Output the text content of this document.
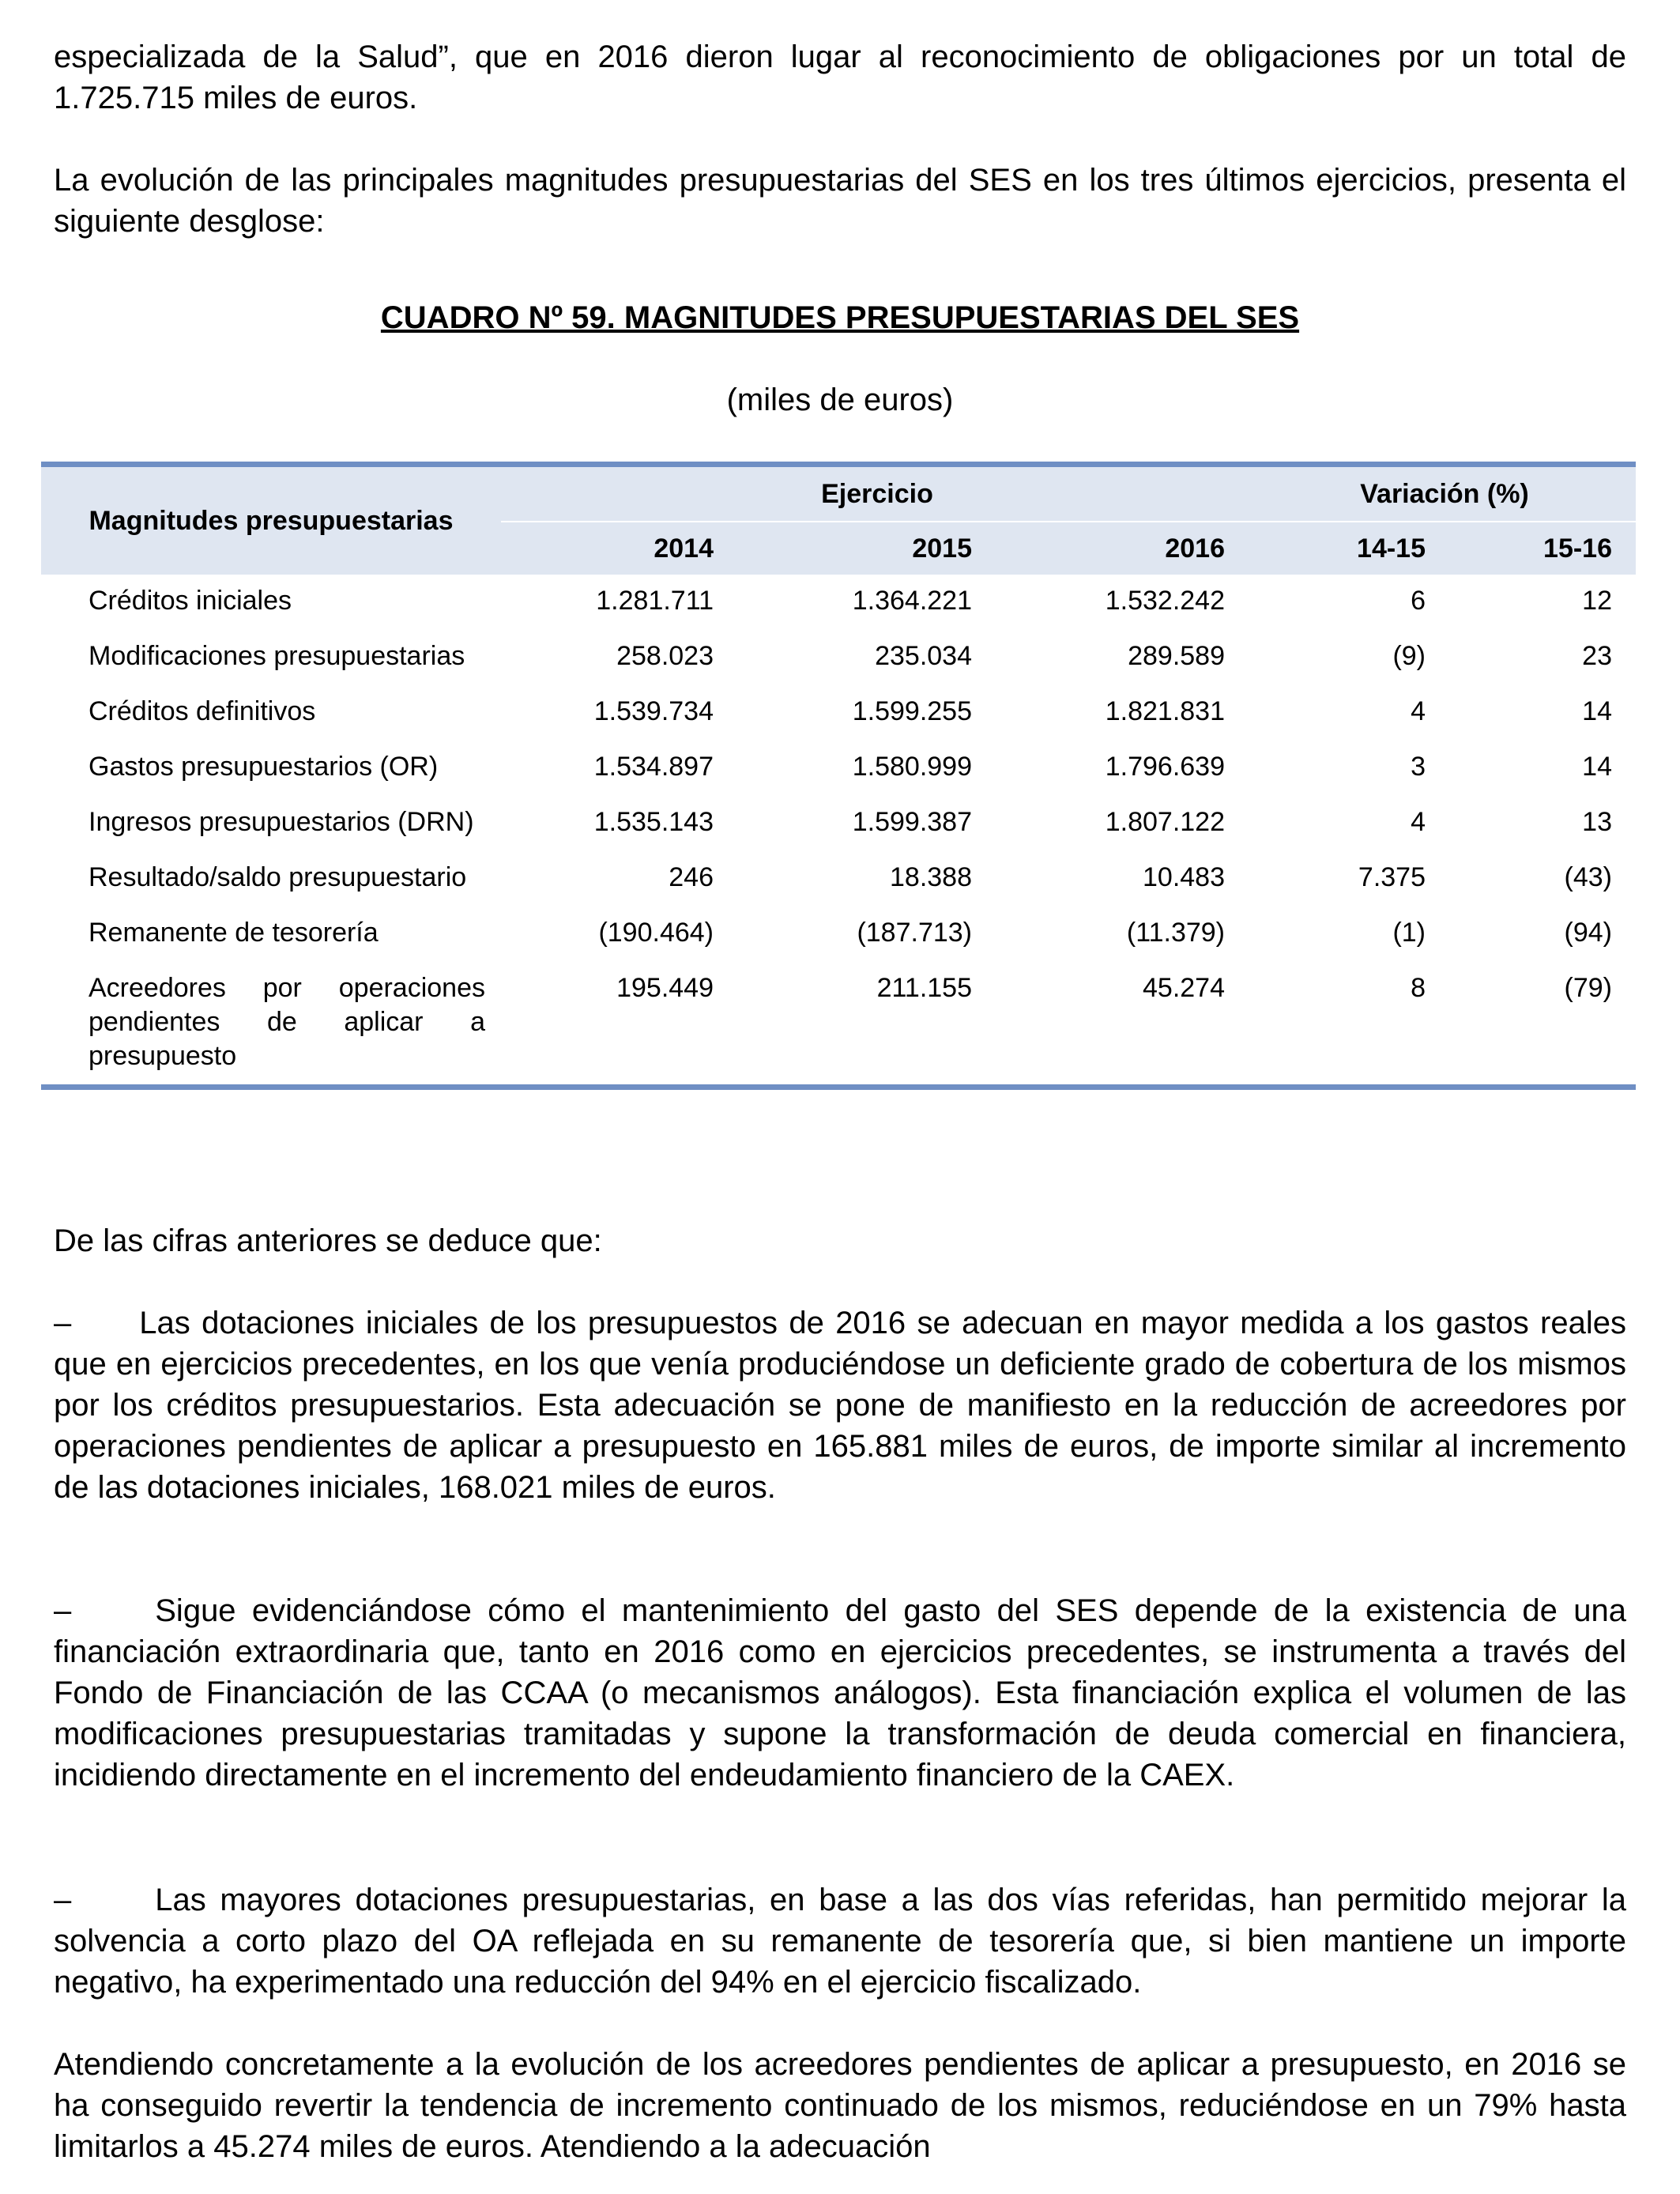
especializada de la Salud”, que en 2016 dieron lugar al reconocimiento de obligaciones por un total de 1.725.715 miles de euros.

La evolución de las principales magnitudes presupuestarias del SES en los tres últimos ejercicios, presenta el siguiente desglose:

CUADRO Nº 59. MAGNITUDES PRESUPUESTARIAS DEL SES

(miles de euros)

Magnitudes presupuestarias	Ejercicio			Variación (%)	
	2014	2015	2016	14-15	15-16
Créditos iniciales	1.281.711	1.364.221	1.532.242	6	12
Modificaciones presupuestarias	258.023	235.034	289.589	(9)	23
Créditos definitivos	1.539.734	1.599.255	1.821.831	4	14
Gastos presupuestarios (OR)	1.534.897	1.580.999	1.796.639	3	14
Ingresos presupuestarios (DRN)	1.535.143	1.599.387	1.807.122	4	13
Resultado/saldo presupuestario	246	18.388	10.483	7.375	(43)
Remanente de tesorería	(190.464)	(187.713)	(11.379)	(1)	(94)
Acreedores por operaciones pendientes de aplicar a presupuesto	195.449	211.155	45.274	8	(79)

De las cifras anteriores se deduce que:

– Las dotaciones iniciales de los presupuestos de 2016 se adecuan en mayor medida a los gastos reales que en ejercicios precedentes, en los que venía produciéndose un deficiente grado de cobertura de los mismos por los créditos presupuestarios. Esta adecuación se pone de manifiesto en la reducción de acreedores por operaciones pendientes de aplicar a presupuesto en 165.881 miles de euros, de importe similar al incremento de las dotaciones iniciales, 168.021 miles de euros.

–	Sigue evidenciándose cómo el mantenimiento del gasto del SES depende de la existencia de una financiación extraordinaria que, tanto en 2016 como en ejercicios precedentes, se instrumenta a través del Fondo de Financiación de las CCAA (o mecanismos análogos). Esta financiación explica el volumen de las modificaciones presupuestarias tramitadas y supone la transformación de deuda comercial en financiera, incidiendo directamente en el incremento del endeudamiento financiero de la CAEX.

–	Las mayores dotaciones presupuestarias, en base a las dos vías referidas, han permitido mejorar la solvencia a corto plazo del OA reflejada en su remanente de tesorería que, si bien mantiene un importe negativo, ha experimentado una reducción del 94% en el ejercicio fiscalizado.

Atendiendo concretamente a la evolución de los acreedores pendientes de aplicar a presupuesto, en 2016 se ha conseguido revertir la tendencia de incremento continuado de los mismos, reduciéndose en un 79% hasta limitarlos a 45.274 miles de euros. Atendiendo a la adecuación
